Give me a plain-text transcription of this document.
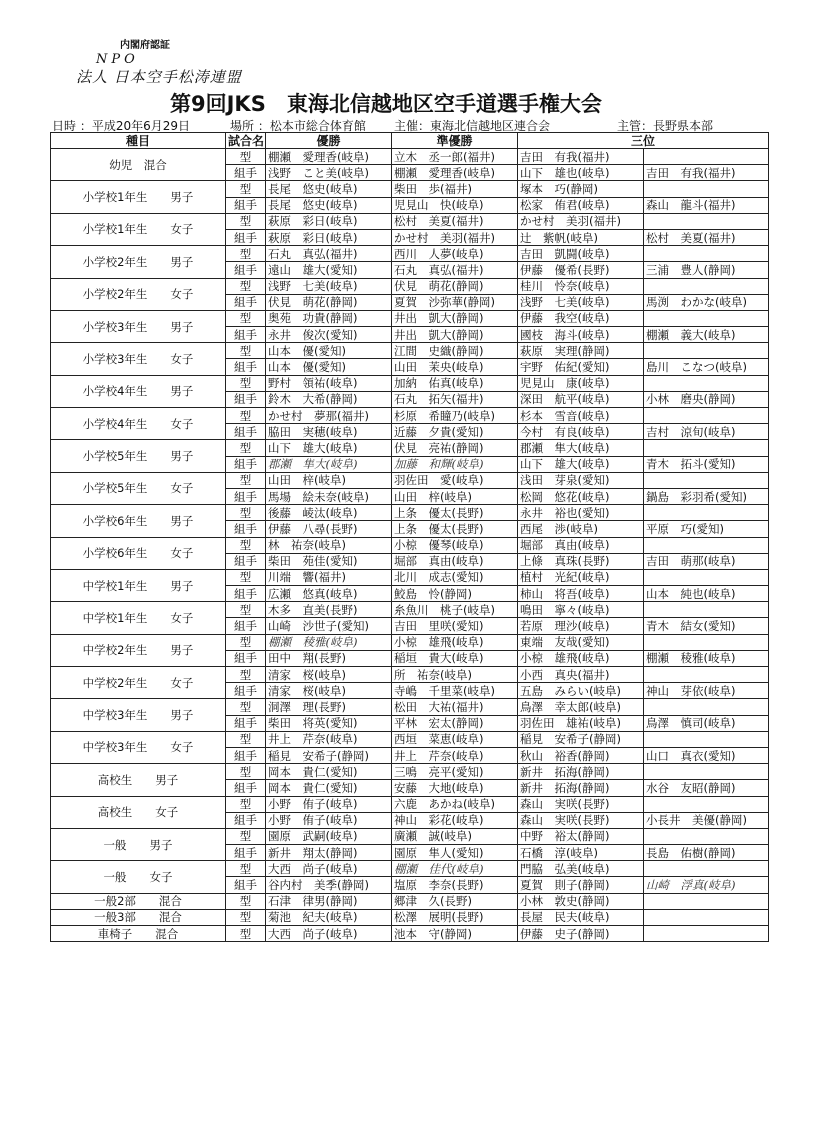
内閣府認証
NPO
法人 日本空手松涛連盟
第9回JKS　東海北信越地区空手道選手権大会
日時 ：平成20年6月29日	場所 ：松本市総合体育館 主催：東海北信越地区連合会	主管：長野県本部
種目	試合名	優勝	準優勝	三位	
幼児　混合	型	棚瀬　愛理香(岐阜)	立木　丞一郎(福井)	吉田　有我(福井)	
	組手	浅野　こと美(岐阜)	棚瀬　愛理香(岐阜)	山下　雄也(岐阜)	吉田　有我(福井)
小学校1年生　　男子	型	長尾　悠史(岐阜)	柴田　歩(福井)	塚本　巧(静岡)	
	組手	長尾　悠史(岐阜)	児見山　快(岐阜)	松家　侑君(岐阜)	森山　龍斗(福井)
小学校1年生　　女子	型	萩原　彩日(岐阜)	松村　美夏(福井)	かせ村　美羽(福井)	
	組手	萩原　彩日(岐阜)	かせ村　美羽(福井)	辻　紫帆(岐阜)	松村　美夏(福井)
小学校2年生　　男子	型	石丸　真弘(福井)	西川　人夢(岐阜)	吉田　凱闘(岐阜)	
	組手	遠山　雄大(愛知)	石丸　真弘(福井)	伊藤　優希(長野)	三浦　豊人(静岡)
小学校2年生　　女子	型	浅野　七美(岐阜)	伏見　萌花(静岡)	桂川　怜奈(岐阜)	
	組手	伏見　萌花(静岡)	夏賀　沙弥華(静岡)	浅野　七美(岐阜)	馬渕　わかな(岐阜)
小学校3年生　　男子	型	奥苑　功貴(静岡)	井出　凱大(静岡)	伊藤　我空(岐阜)	
	組手	永井　俊次(愛知)	井出　凱大(静岡)	國枝　海斗(岐阜)	棚瀬　義大(岐阜)
小学校3年生　　女子	型	山本　優(愛知)	江間　史織(静岡)	萩原　実理(静岡)	
	組手	山本　優(愛知)	山田　茉央(岐阜)	宇野　佑紀(愛知)	島川　こなつ(岐阜)
小学校4年生　　男子	型	野村　領祐(岐阜)	加納　佑真(岐阜)	児見山　康(岐阜)	
	組手	鈴木　大希(静岡)	石丸　拓矢(福井)	深田　航平(岐阜)	小林　磨央(静岡)
小学校4年生　　女子	型	かせ村　夢那(福井)	杉原　希瞳乃(岐阜)	杉本　雪音(岐阜)	
	組手	脇田　実穂(岐阜)	近藤　夕貴(愛知)	今村　有良(岐阜)	吉村　涼旬(岐阜)
小学校5年生　　男子	型	山下　雄大(岐阜)	伏見　亮祐(静岡)	郡瀬　隼大(岐阜)	
	組手	郡瀬　隼大(岐阜)	加藤　和輝(岐阜)	山下　雄大(岐阜)	青木　拓斗(愛知)
小学校5年生　　女子	型	山田　梓(岐阜)	羽佐田　愛(岐阜)	浅田　芽泉(愛知)	
	組手	馬場　絵未奈(岐阜)	山田　梓(岐阜)	松岡　悠花(岐阜)	鍋島　彩羽希(愛知)
小学校6年生　　男子	型	後藤　崚汰(岐阜)	上条　優太(長野)	永井　裕也(愛知)	
	組手	伊藤　八尋(長野)	上条　優太(長野)	西尾　渉(岐阜)	平原　巧(愛知)
小学校6年生　　女子	型	林　祐奈(岐阜)	小椋　優琴(岐阜)	堀部　真由(岐阜)	
	組手	柴田　苑佳(愛知)	堀部　真由(岐阜)	上條　真珠(長野)	吉田　萌那(岐阜)
中学校1年生　　男子	型	川端　響(福井)	北川　成志(愛知)	植村　光紀(岐阜)	
	組手	広瀬　悠真(岐阜)	鮫島　怜(静岡)	柿山　将吾(岐阜)	山本　純也(岐阜)
中学校1年生　　女子	型	木多　直美(長野)	糸魚川　桃子(岐阜)	鳴田　寧々(岐阜)	
	組手	山崎　沙世子(愛知)	吉田　里咲(愛知)	若原　理沙(岐阜)	青木　結女(愛知)
中学校2年生　　男子	型	棚瀬　稜雅(岐阜)	小椋　雄飛(岐阜)	東端　友哉(愛知)	
	組手	田中　翔(長野)	稲垣　貴大(岐阜)	小椋　雄飛(岐阜)	棚瀬　稜雅(岐阜)
中学校2年生　　女子	型	清家　桜(岐阜)	所　祐奈(岐阜)	小西　真央(福井)	
	組手	清家　桜(岐阜)	寺嶋　千里菜(岐阜)	五島　みらい(岐阜)	神山　芽依(岐阜)
中学校3年生　　男子	型	洞澤　理(長野)	松田　大祐(福井)	鳥澤　幸太郎(岐阜)	
	組手	柴田　将英(愛知)	平林　宏太(静岡)	羽佐田　雄祐(岐阜)	鳥澤　慎司(岐阜)
中学校3年生　　女子	型	井上　芹奈(岐阜)	西垣　菜恵(岐阜)	稲見　安希子(静岡)	
	組手	稲見　安希子(静岡)	井上　芹奈(岐阜)	秋山　裕香(静岡)	山口　真衣(愛知)
高校生　　男子	型	岡本　貴仁(愛知)	三鳴　亮平(愛知)	新井　拓海(静岡)	
	組手	岡本　貴仁(愛知)	安藤　大地(岐阜)	新井　拓海(静岡)	水谷　友昭(静岡)
高校生　　女子	型	小野　侑子(岐阜)	六鹿　あかね(岐阜)	森山　実咲(長野)	
	組手	小野　侑子(岐阜)	神山　彩花(岐阜)	森山　実咲(長野)	小長井　美優(静岡)
一般　　男子	型	園原　武嗣(岐阜)	廣瀬　誠(岐阜)	中野　裕太(静岡)	
	組手	新井　翔太(静岡)	園原　隼人(愛知)	石橋　淳(岐阜)	長島　佑樹(静岡)
一般　　女子	型	大西　尚子(岐阜)	棚瀬　佳代(岐阜)	門脇　弘美(岐阜)	
	組手	谷内村　美季(静岡)	塩原　李奈(長野)	夏賀　則子(静岡)	山崎　浮真(岐阜)
一般2部　　混合	型	石津　律男(静岡)	郷津　久(長野)	小林　敦史(静岡)	
一般3部　　混合	型	菊池　紀夫(岐阜)	松澤　展明(長野)	長屋　民夫(岐阜)	
車椅子　　混合	型	大西　尚子(岐阜)	池本　守(静岡)	伊藤　史子(静岡)	
